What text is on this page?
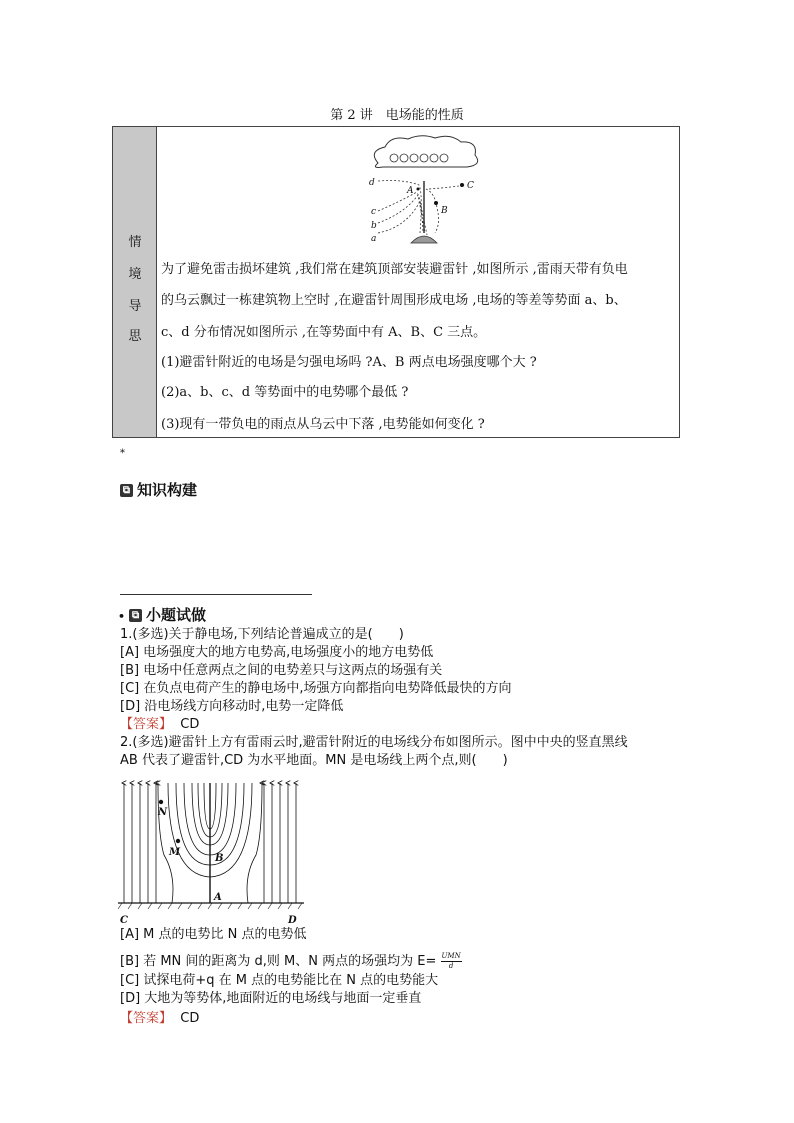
第 2 讲　电场能的性质
情
境
导
思
d
A	C
B
c
b
a
为了避免雷击损坏建筑 ,我们常在建筑顶部安装避雷针 ,如图所示 ,雷雨天带有负电
的乌云飘过一栋建筑物上空时 ,在避雷针周围形成电场 ,电场的等差等势面 a、b、
c、d 分布情况如图所示 ,在等势面中有 A、B、C 三点。
(1)避雷针附近的电场是匀强电场吗 ?A、B 两点电场强度哪个大 ?
(2)a、b、c、d 等势面中的电势哪个最低 ?
(3)现有一带负电的雨点从乌云中下落 ,电势能如何变化 ?
*
⧉ 知识构建
• ⧉ 小题试做
1.(多选)关于静电场,下列结论普遍成立的是(　　)
[A] 电场强度大的地方电势高,电场强度小的地方电势低
[B] 电场中任意两点之间的电势差只与这两点的场强有关
[C] 在负点电荷产生的静电场中,场强方向都指向电势降低最快的方向
[D] 沿电场线方向移动时,电势一定降低
【答案】 CD
2.(多选)避雷针上方有雷雨云时,避雷针附近的电场线分布如图所示。图中中央的竖直黑线
AB 代表了避雷针,CD 为水平地面。MN 是电场线上两个点,则(　　)
N
M
B
A
C	D
[A] M 点的电势比 N 点的电势低
[B] 若 MN 间的距离为 d,则 M、N 两点的场强均为 E= UMN
d
[C] 试探电荷+q 在 M 点的电势能比在 N 点的电势能大
[D] 大地为等势体,地面附近的电场线与地面一定垂直
【答案】 CD
